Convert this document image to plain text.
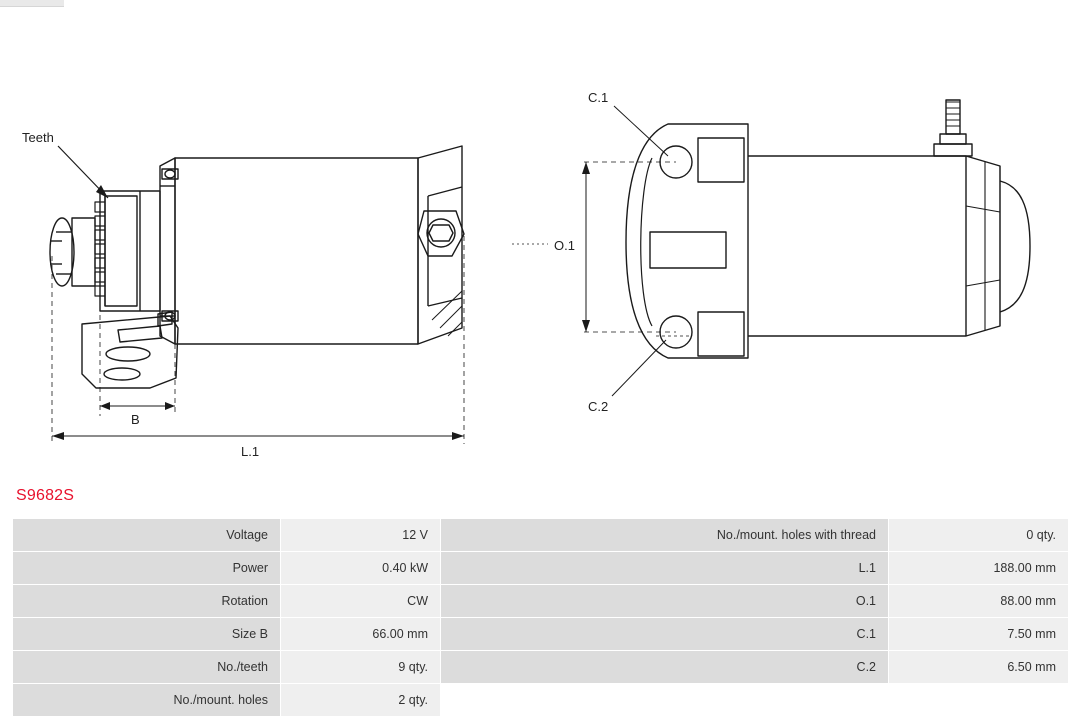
Teeth
B
L.1
O.1
C.1
C.2
S9682S
Voltage	12 V	No./mount. holes with thread	0 qty.
Power	0.40 kW	L.1	188.00 mm
Rotation	CW	O.1	88.00 mm
Size B	66.00 mm	C.1	7.50 mm
No./teeth	9 qty.	C.2	6.50 mm
No./mount. holes	2 qty.		
